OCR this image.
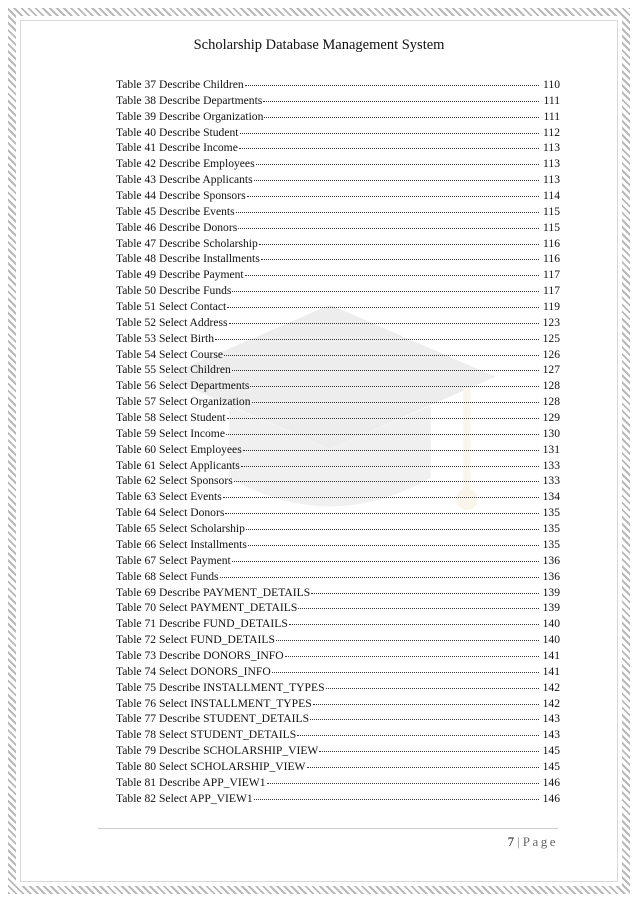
Scholarship Database Management System
Table 37 Describe Children	110
Table 38 Describe Departments	111
Table 39 Describe Organization	111
Table 40 Describe Student	112
Table 41 Describe Income	113
Table 42 Describe Employees	113
Table 43 Describe Applicants	113
Table 44 Describe Sponsors	114
Table 45 Describe Events	115
Table 46 Describe Donors	115
Table 47 Describe Scholarship	116
Table 48 Describe Installments	116
Table 49 Describe Payment	117
Table 50 Describe Funds	117
Table 51 Select Contact	119
Table 52 Select Address	123
Table 53 Select Birth	125
Table 54 Select Course	126
Table 55 Select Children	127
Table 56 Select Departments	128
Table 57 Select Organization	128
Table 58 Select Student	129
Table 59 Select Income	130
Table 60 Select Employees	131
Table 61 Select Applicants	133
Table 62 Select Sponsors	133
Table 63 Select Events	134
Table 64 Select Donors	135
Table 65 Select Scholarship	135
Table 66 Select Installments	135
Table 67 Select Payment	136
Table 68 Select Funds	136
Table 69 Describe PAYMENT_DETAILS	139
Table 70 Select PAYMENT_DETAILS	139
Table 71 Describe FUND_DETAILS	140
Table 72 Select FUND_DETAILS	140
Table 73 Describe DONORS_INFO	141
Table 74 Select DONORS_INFO	141
Table 75 Describe INSTALLMENT_TYPES	142
Table 76 Select INSTALLMENT_TYPES	142
Table 77 Describe STUDENT_DETAILS	143
Table 78 Select STUDENT_DETAILS	143
Table 79 Describe SCHOLARSHIP_VIEW	145
Table 80 Select SCHOLARSHIP_VIEW	145
Table 81 Describe APP_VIEW1	146
Table 82 Select APP_VIEW1	146
7 | Page
